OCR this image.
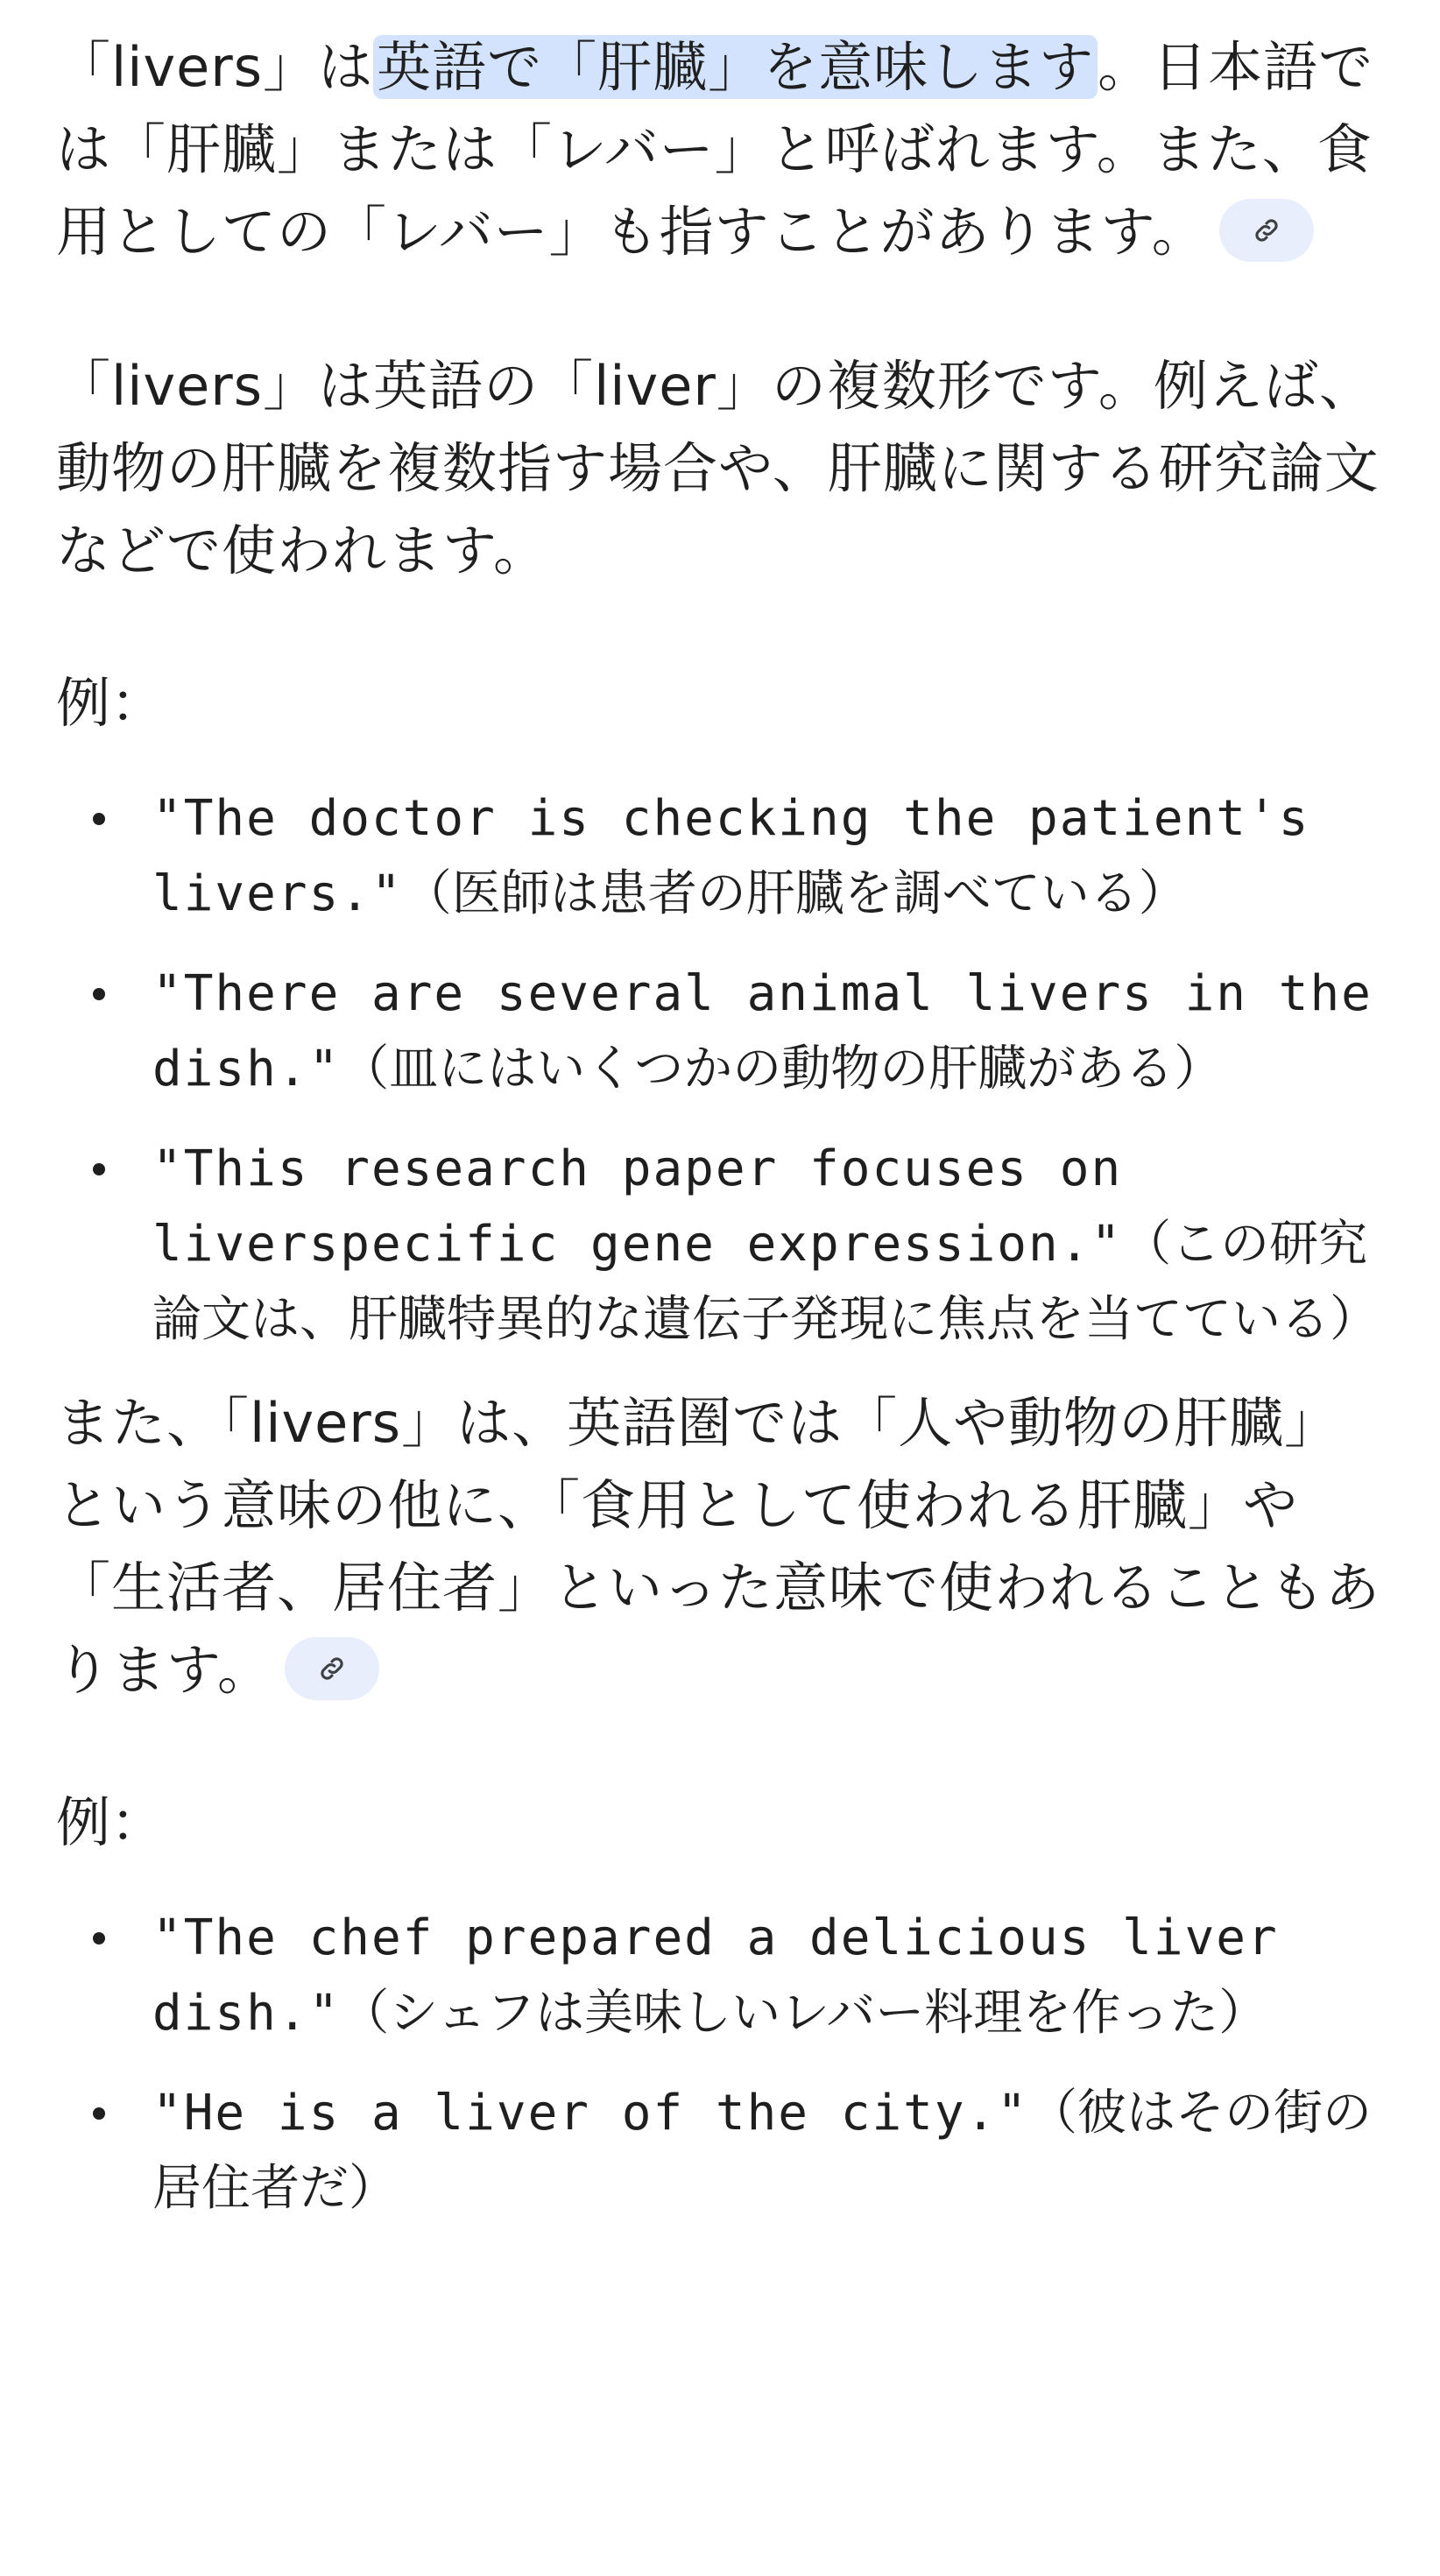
「livers」は英語で「肝臓」を意味します。日本語では「肝臓」または「レバー」と呼ばれます。また、食用としての「レバー」も指すことがあります。

「livers」は英語の「liver」の複数形です。例えば、動物の肝臓を複数指す場合や、肝臓に関する研究論文などで使われます。

例：

"The doctor is checking the patient's livers."（医師は患者の肝臓を調べている）
"There are several animal livers in the dish."（皿にはいくつかの動物の肝臓がある）
"This research paper focuses on liverspecific gene expression."（この研究論文は、肝臓特異的な遺伝子発現に焦点を当てている）

また、「livers」は、英語圏では「人や動物の肝臓」という意味の他に、「食用として使われる肝臓」や「生活者、居住者」といった意味で使われることもあります。

例：

"The chef prepared a delicious liver dish."（シェフは美味しいレバー料理を作った）
"He is a liver of the city."（彼はその街の居住者だ）
